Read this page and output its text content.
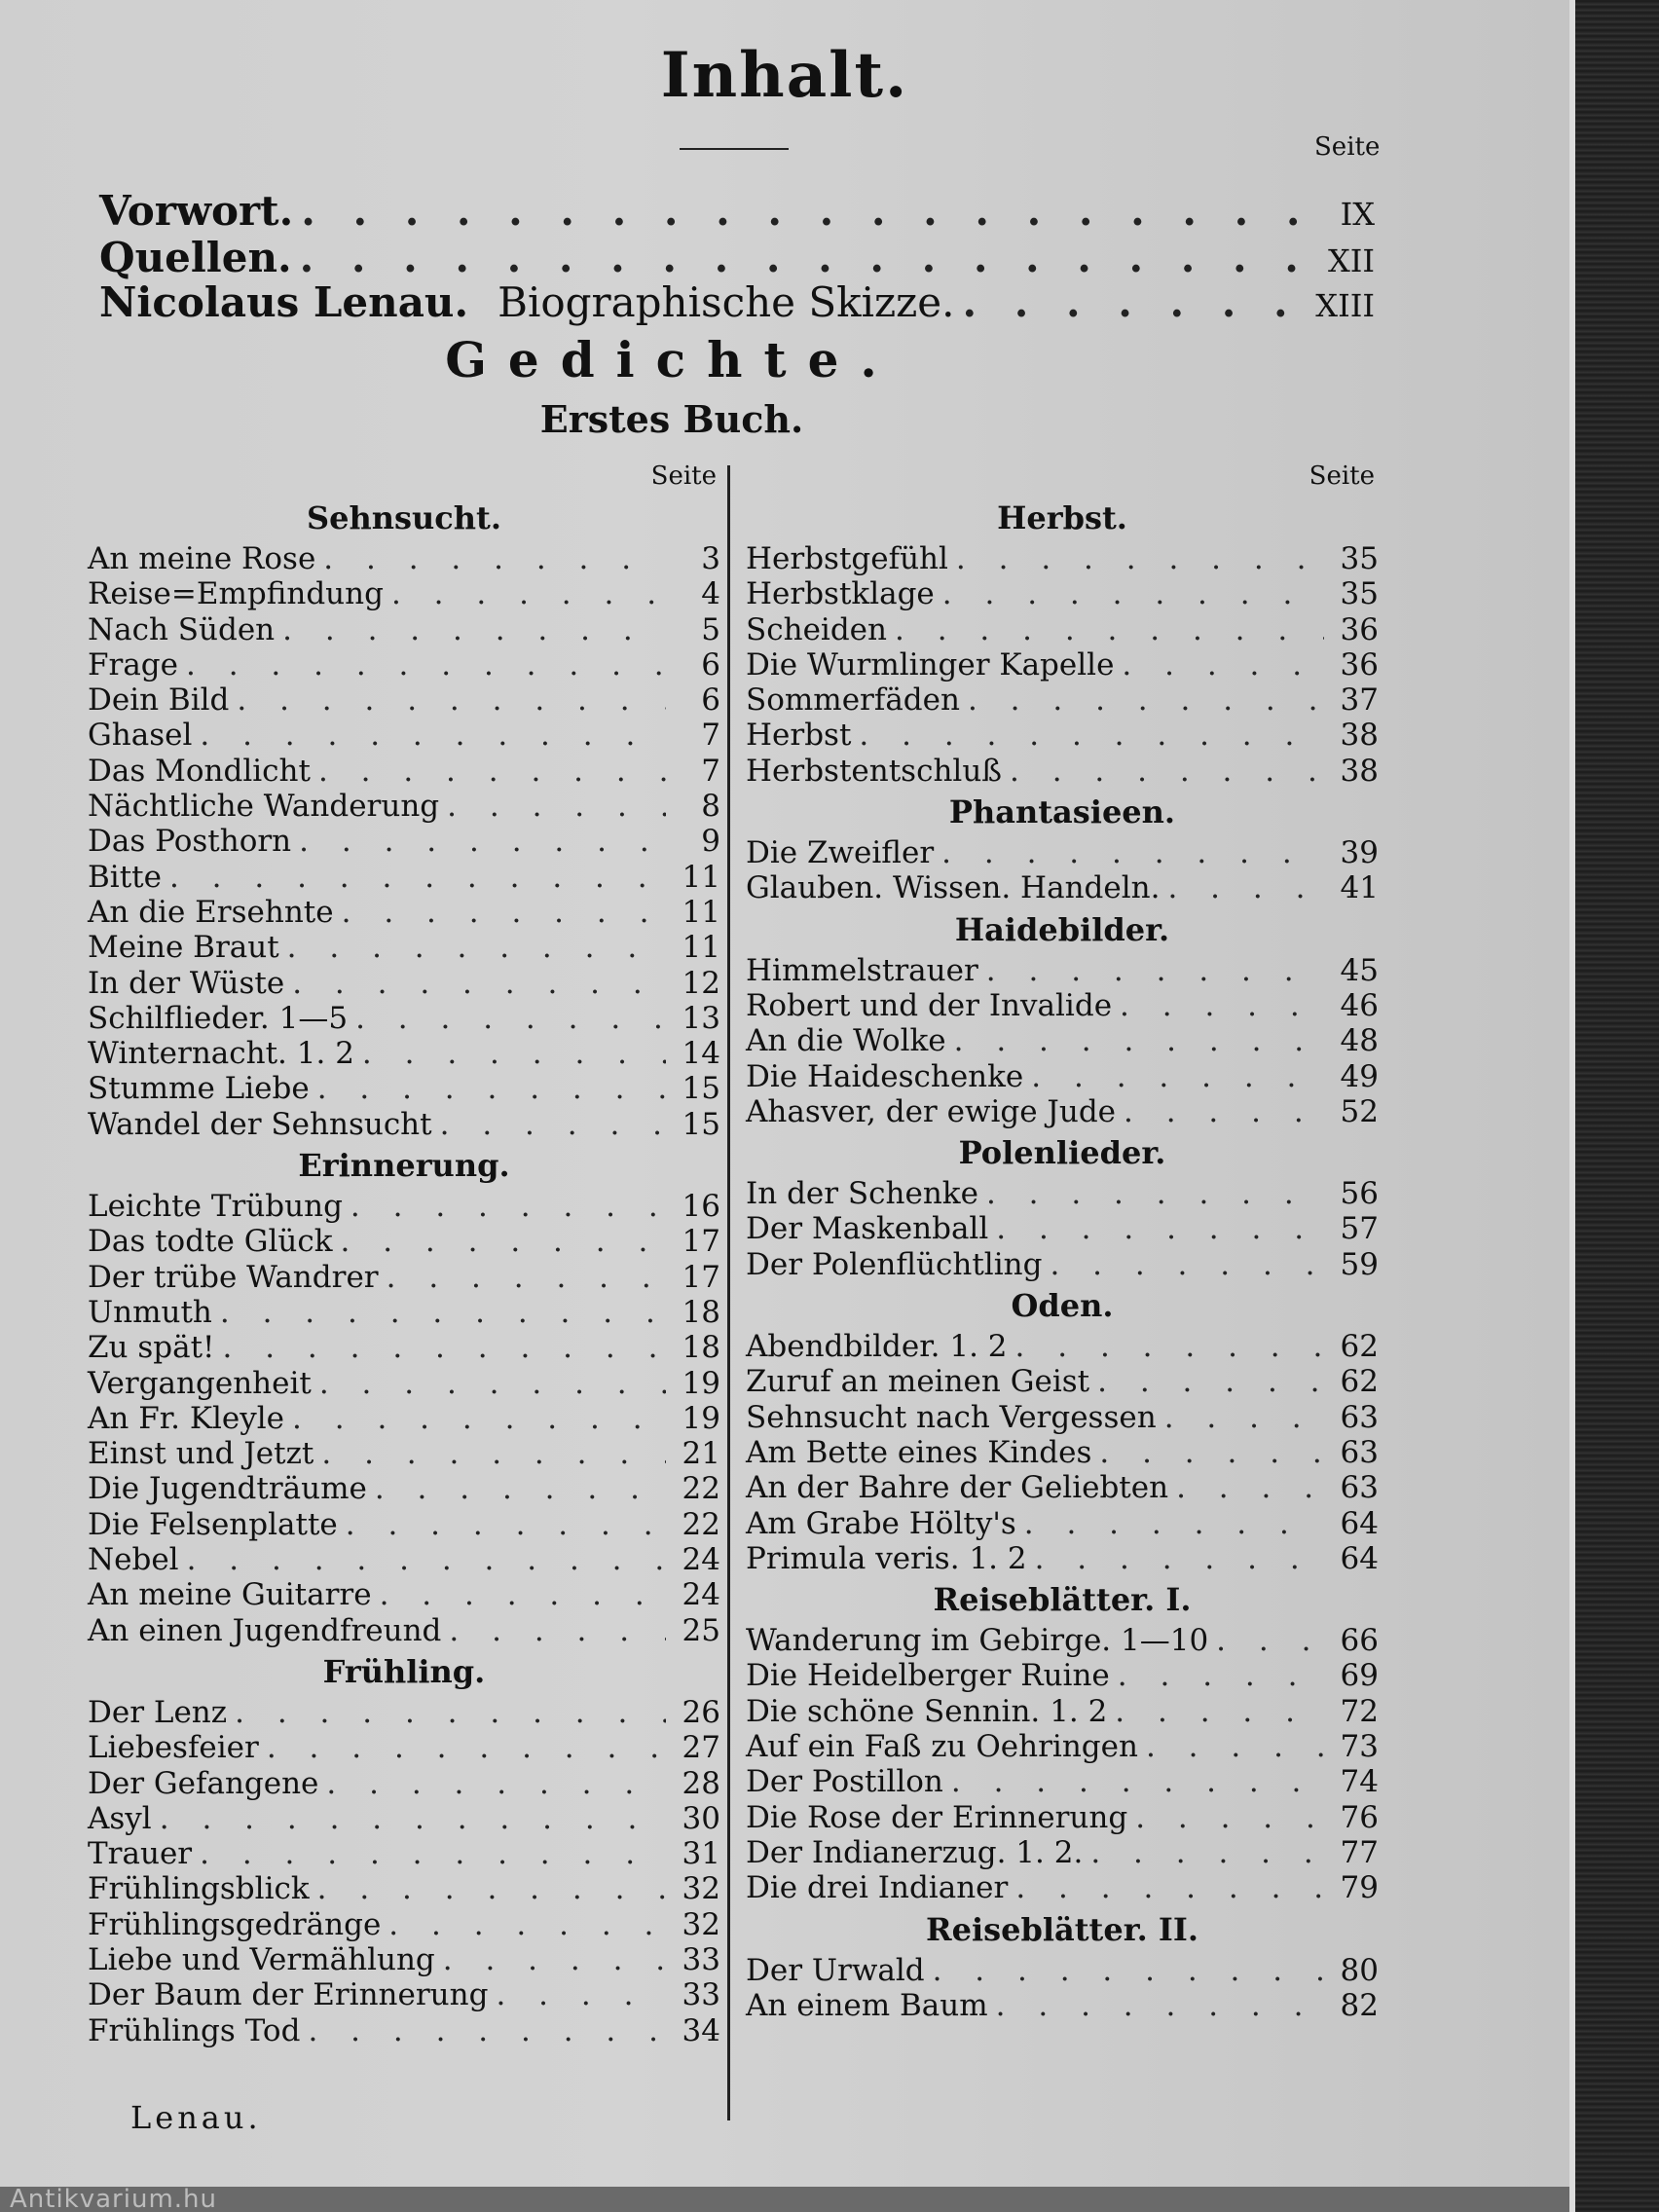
Inhalt.
Seite
Vorwort. . . .	IX
Quellen. . . .	XII
Nicolaus Lenau. Biographische Skizze. . . .	XIII
Gedichte.
Erstes Buch.
Seite
Sehnsucht.
An meine Rose . . .	3
Reise=Empfindung . . .	4
Nach Süden . . .	5
Frage . . .	6
Dein Bild . . .	6
Ghasel . . .	7
Das Mondlicht . . .	7
Nächtliche Wanderung . . .	8
Das Posthorn . . .	9
Bitte . . .	11
An die Ersehnte . . .	11
Meine Braut . . .	11
In der Wüste . . .	12
Schilflieder. 1—5 . . .	13
Winternacht. 1. 2 . . .	14
Stumme Liebe . . .	15
Wandel der Sehnsucht . . .	15
Erinnerung.
Leichte Trübung . . .	16
Das todte Glück . . .	17
Der trübe Wandrer . . .	17
Unmuth . . .	18
Zu spät! . . .	18
Vergangenheit . . .	19
An Fr. Kleyle . . .	19
Einst und Jetzt . . .	21
Die Jugendträume . . .	22
Die Felsenplatte . . .	22
Nebel . . .	24
An meine Guitarre . . .	24
An einen Jugendfreund . . .	25
Frühling.
Der Lenz . . .	26
Liebesfeier . . .	27
Der Gefangene . . .	28
Asyl . . .	30
Trauer . . .	31
Frühlingsblick . . .	32
Frühlingsgedränge . . .	32
Liebe und Vermählung . . .	33
Der Baum der Erinnerung . . .	33
Frühlings Tod . . .	34
Seite
Herbst.
Herbstgefühl . . .	35
Herbstklage . . .	35
Scheiden . . .	36
Die Wurmlinger Kapelle . . .	36
Sommerfäden . . .	37
Herbst . . .	38
Herbstentschluß . . .	38
Phantasieen.
Die Zweifler . . .	39
Glauben. Wissen. Handeln. . . .	41
Haidebilder.
Himmelstrauer . . .	45
Robert und der Invalide . . .	46
An die Wolke . . .	48
Die Haideschenke . . .	49
Ahasver, der ewige Jude . . .	52
Polenlieder.
In der Schenke . . .	56
Der Maskenball . . .	57
Der Polenflüchtling . . .	59
Oden.
Abendbilder. 1. 2 . . .	62
Zuruf an meinen Geist . . .	62
Sehnsucht nach Vergessen . . .	63
Am Bette eines Kindes . . .	63
An der Bahre der Geliebten . . .	63
Am Grabe Hölty's . . .	64
Primula veris. 1. 2 . . .	64
Reiseblätter. I.
Wanderung im Gebirge. 1—10 . . .	66
Die Heidelberger Ruine . . .	69
Die schöne Sennin. 1. 2 . . .	72
Auf ein Faß zu Oehringen . . .	73
Der Postillon . . .	74
Die Rose der Erinnerung . . .	76
Der Indianerzug. 1. 2. . . .	77
Die drei Indianer . . .	79
Reiseblätter. II.
Der Urwald . . .	80
An einem Baum . . .	82
Lenau.
Antikvarium.hu
